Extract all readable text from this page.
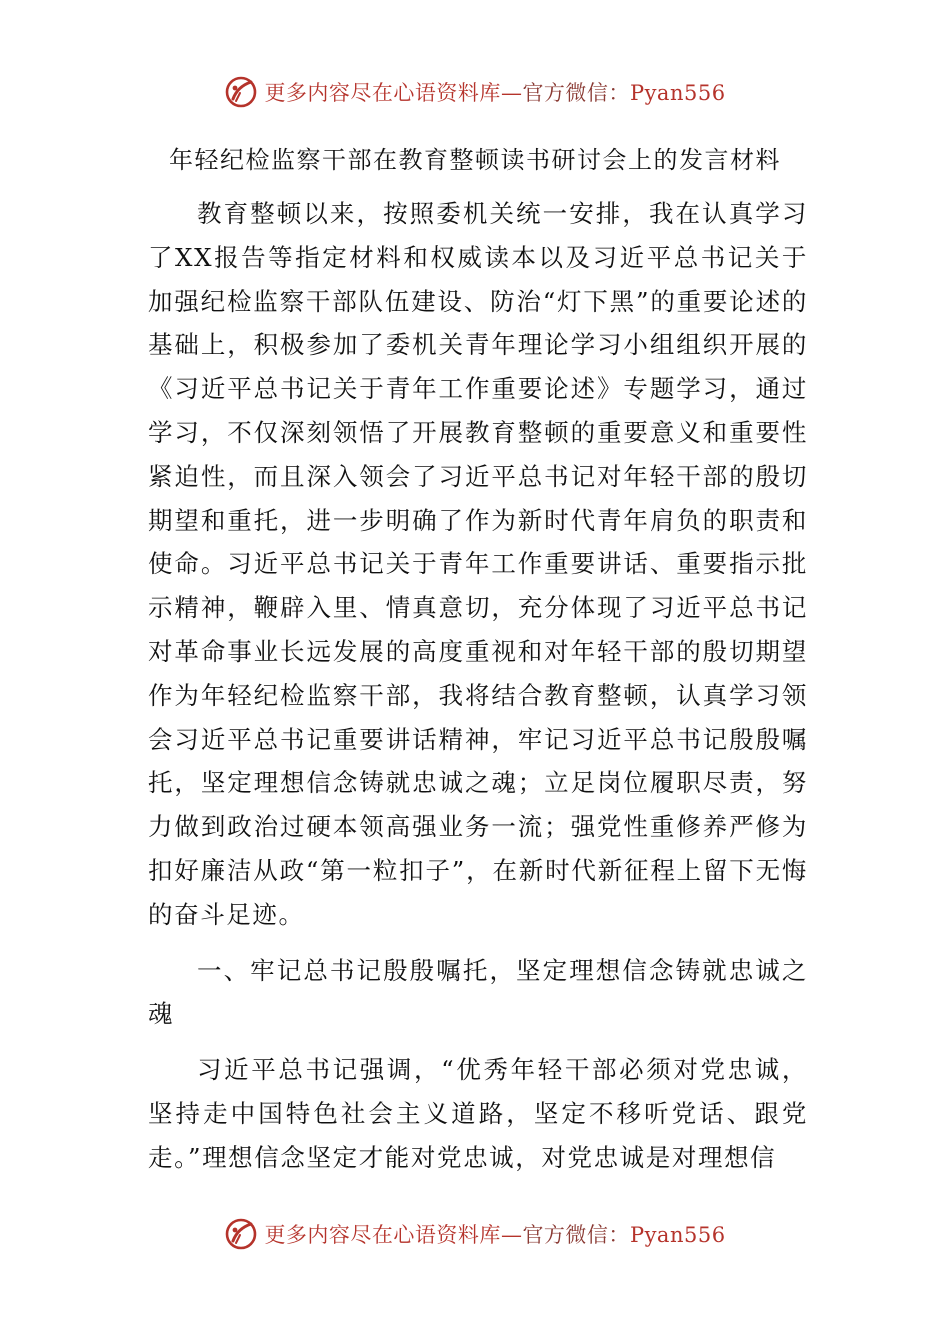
更多内容尽在心语资料库—官方微信：Pyan556
年轻纪检监察干部在教育整顿读书研讨会上的发言材料

教育整顿以来，按照委机关统一安排，我在认真学习了XX报告等指定材料和权威读本以及习近平总书记关于加强纪检监察干部队伍建设、防治“灯下黑”的重要论述的基础上，积极参加了委机关青年理论学习小组组织开展的《习近平总书记关于青年工作重要论述》专题学习，通过学习，不仅深刻领悟了开展教育整顿的重要意义和重要性紧迫性，而且深入领会了习近平总书记对年轻干部的殷切期望和重托，进一步明确了作为新时代青年肩负的职责和使命。习近平总书记关于青年工作重要讲话、重要指示批示精神，鞭辟入里、情真意切，充分体现了习近平总书记对革命事业长远发展的高度重视和对年轻干部的殷切期望作为年轻纪检监察干部，我将结合教育整顿，认真学习领会习近平总书记重要讲话精神，牢记习近平总书记殷殷嘱托，坚定理想信念铸就忠诚之魂；立足岗位履职尽责，努力做到政治过硬本领高强业务一流；强党性重修养严修为扣好廉洁从政“第一粒扣子”，在新时代新征程上留下无悔的奋斗足迹。

一、牢记总书记殷殷嘱托，坚定理想信念铸就忠诚之魂

习近平总书记强调，“优秀年轻干部必须对党忠诚，坚持走中国特色社会主义道路，坚定不移听党话、跟党走。”理想信念坚定才能对党忠诚，对党忠诚是对理想信

更多内容尽在心语资料库—官方微信：Pyan556
